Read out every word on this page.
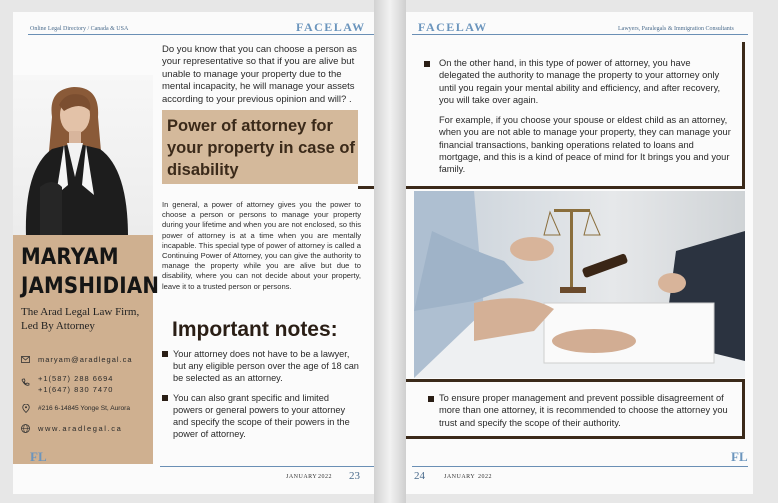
Online Legal Directory / Canada & USA	FACELAW
MARYAM
JAMSHIDIAN
The Arad Legal Law Firm, Led By Attorney
maryam@aradlegal.ca
+1(587) 288 6694
+1(647) 830 7470
#216 6-14845 Yonge St, Aurora
www.aradlegal.ca
FL
Do you know that you can choose a person as your representative so that if you are alive but unable to manage your property due to the mental incapacity, he will manage your assets according to your previous opinion and will? .
Power of attorney for your property in case of disability
In general, a power of attorney gives you the power to choose a person or persons to manage your property during your lifetime and when you are not enclosed, so this power of attorney is at a time when you are mentally incapable. This special type of power of attorney is called a Continuing Power of Attorney, you can give the authority to manage the property while you are alive but due to disability, where you can not decide about your property, leave it to a trusted person or persons.
Important notes:
Your attorney does not have to be a lawyer, but any eligible person over the age of 18 can be selected as an attorney.
You can also grant specific and limited powers or general powers to your attorney and specify the scope of their powers in the power of attorney.
JANUARY 2022 23
FACELAW	Lawyers, Paralegals & Immigration Consultants
On the other hand, in this type of power of attorney, you have delegated the authority to manage the property to your attorney only until you regain your mental ability and efficiency, and after recovery, you will take over again.
For example, if you choose your spouse or eldest child as an attorney, when you are not able to manage your property, they can manage your financial transactions, banking operations related to loans and mortgage, and this is a kind of peace of mind for It brings you and your family.
To ensure proper management and prevent possible disagreement of more than one attorney, it is recommended to choose the attorney you trust and specify the scope of their authority.
24	JANUARY 2022
FL
